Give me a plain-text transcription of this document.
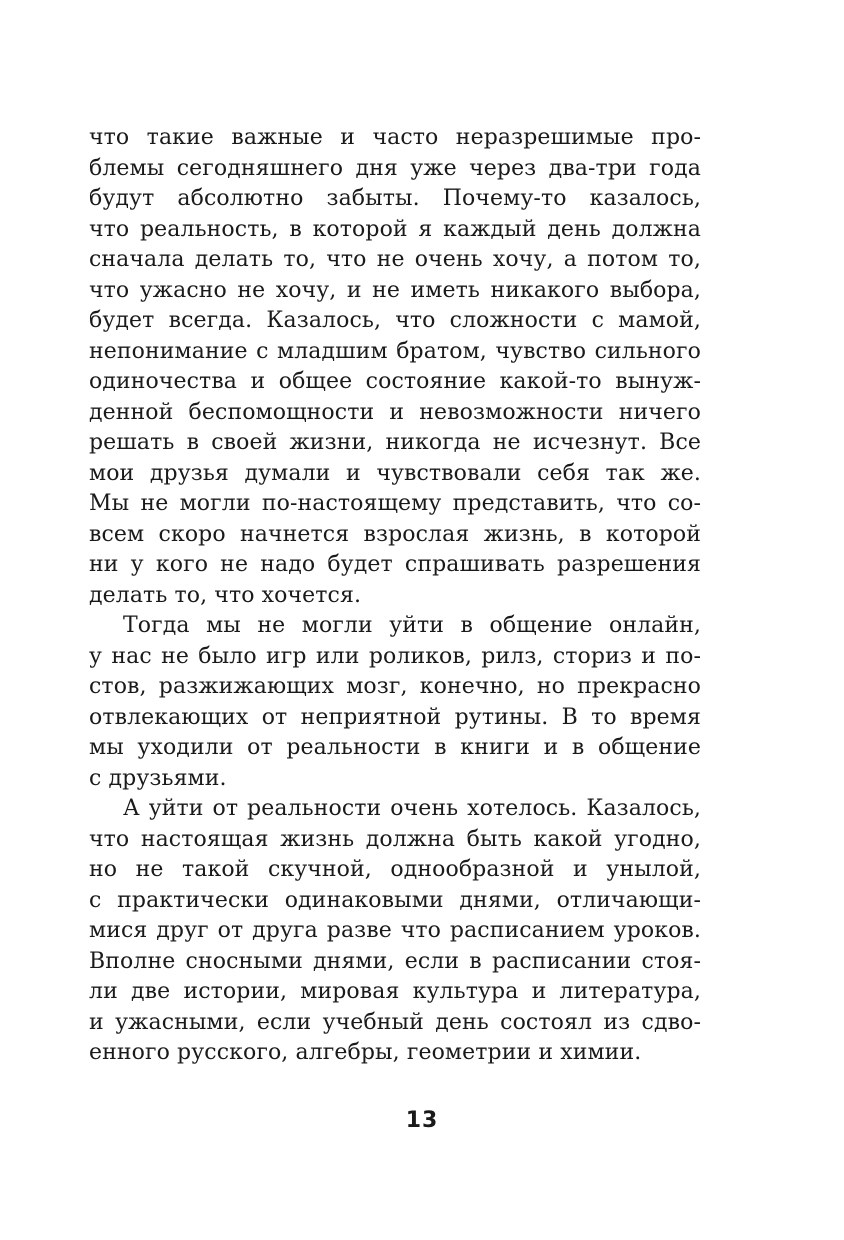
что такие важные и часто неразрешимые про-
блемы сегодняшнего дня уже через два-три года
будут абсолютно забыты. Почему-то казалось,
что реальность, в которой я каждый день должна
сначала делать то, что не очень хочу, а потом то,
что ужасно не хочу, и не иметь никакого выбора,
будет всегда. Казалось, что сложности с мамой,
непонимание с младшим братом, чувство сильного
одиночества и общее состояние какой-то вынуж-
денной беспомощности и невозможности ничего
решать в своей жизни, никогда не исчезнут. Все
мои друзья думали и чувствовали себя так же.
Мы не могли по-настоящему представить, что со-
всем скоро начнется взрослая жизнь, в которой
ни у кого не надо будет спрашивать разрешения
делать то, что хочется.
Тогда мы не могли уйти в общение онлайн,
у нас не было игр или роликов, рилз, сториз и по-
стов, разжижающих мозг, конечно, но прекрасно
отвлекающих от неприятной рутины. В то время
мы уходили от реальности в книги и в общение
с друзьями.
А уйти от реальности очень хотелось. Казалось,
что настоящая жизнь должна быть какой угодно,
но не такой скучной, однообразной и унылой,
с практически одинаковыми днями, отличающи-
мися друг от друга разве что расписанием уроков.
Вполне сносными днями, если в расписании стоя-
ли две истории, мировая культура и литература,
и ужасными, если учебный день состоял из сдво-
енного русского, алгебры, геометрии и химии.
13
